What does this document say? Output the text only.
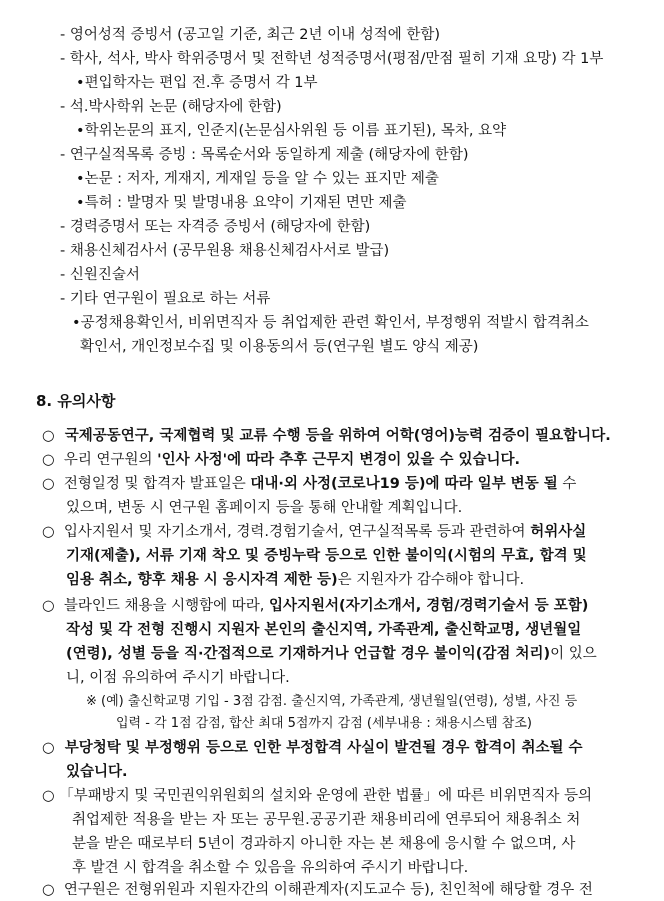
- 영어성적 증빙서 (공고일 기준, 최근 2년 이내 성적에 한함)
- 학사, 석사, 박사 학위증명서 및 전학년 성적증명서(평점/만점 필히 기재 요망) 각 1부
•편입학자는 편입 전.후 증명서 각 1부
- 석.박사학위 논문 (해당자에 한함)
•학위논문의 표지, 인준지(논문심사위원 등 이름 표기된), 목차, 요약
- 연구실적목록 증빙 : 목록순서와 동일하게 제출 (해당자에 한함)
•논문 : 저자, 게재지, 게재일 등을 알 수 있는 표지만 제출
•특허 : 발명자 및 발명내용 요약이 기재된 면만 제출
- 경력증명서 또는 자격증 증빙서 (해당자에 한함)
- 채용신체검사서 (공무원용 채용신체검사서로 발급)
- 신원진술서
- 기타 연구원이 필요로 하는 서류
•공정채용확인서, 비위면직자 등 취업제한 관련 확인서, 부정행위 적발시 합격취소
확인서, 개인정보수집 및 이용동의서 등(연구원 별도 양식 제공)
8. 유의사항
○ 국제공동연구, 국제협력 및 교류 수행 등을 위하여 어학(영어)능력 검증이 필요합니다.
○ 우리 연구원의 '인사 사정'에 따라 추후 근무지 변경이 있을 수 있습니다.
○ 전형일정 및 합격자 발표일은 대내·외 사정(코로나19 등)에 따라 일부 변동 될 수
있으며, 변동 시 연구원 홈페이지 등을 통해 안내할 계획입니다.
○ 입사지원서 및 자기소개서, 경력.경험기술서, 연구실적목록 등과 관련하여 허위사실
기재(제출), 서류 기재 착오 및 증빙누락 등으로 인한 불이익(시험의 무효, 합격 및
임용 취소, 향후 채용 시 응시자격 제한 등)은 지원자가 감수해야 합니다.
○ 블라인드 채용을 시행함에 따라, 입사지원서(자기소개서, 경험/경력기술서 등 포함)
작성 및 각 전형 진행시 지원자 본인의 출신지역, 가족관계, 출신학교명, 생년월일
(연령), 성별 등을 직·간접적으로 기재하거나 언급할 경우 불이익(감점 처리)이 있으
니, 이점 유의하여 주시기 바랍니다.
※ (예) 출신학교명 기입 - 3점 감점. 출신지역, 가족관계, 생년월일(연령), 성별, 사진 등
입력 - 각 1점 감점, 합산 최대 5점까지 감점 (세부내용 : 채용시스템 참조)
○ 부당청탁 및 부정행위 등으로 인한 부정합격 사실이 발견될 경우 합격이 취소될 수
있습니다.
○ 「부패방지 및 국민권익위원회의 설치와 운영에 관한 법률」에 따른 비위면직자 등의
취업제한 적용을 받는 자 또는 공무원.공공기관 채용비리에 연루되어 채용취소 처
분을 받은 때로부터 5년이 경과하지 아니한 자는 본 채용에 응시할 수 없으며, 사
후 발견 시 합격을 취소할 수 있음을 유의하여 주시기 바랍니다.
○ 연구원은 전형위원과 지원자간의 이해관계자(지도교수 등), 친인척에 해당할 경우 전
